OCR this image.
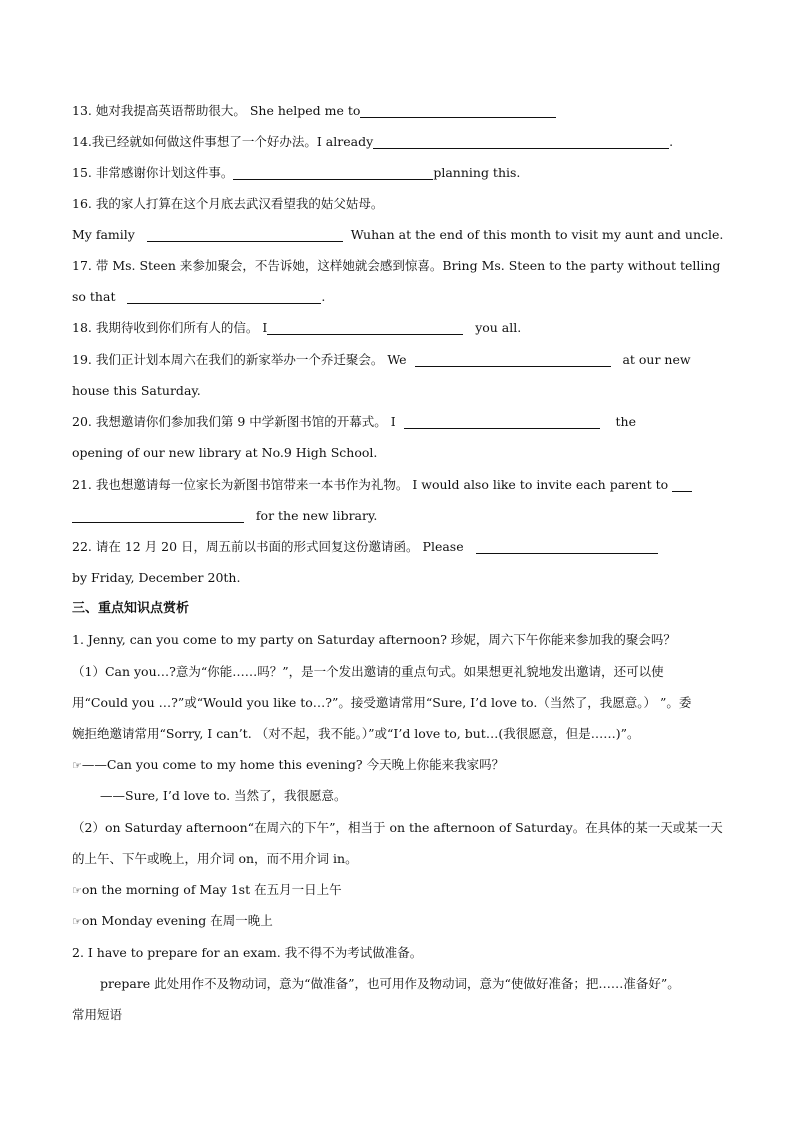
13. 她对我提高英语帮助很大。 She helped me to
14.我已经就如何做这件事想了一个好办法。I already	.
15. 非常感谢你计划这件事。	planning this.
16. 我的家人打算在这个月底去武汉看望我的姑父姑母。
My family	Wuhan at the end of this month to visit my aunt and uncle.
17. 带 Ms. Steen 来参加聚会，不告诉她，这样她就会感到惊喜。Bring Ms. Steen to the party without telling
so that	.
18. 我期待收到你们所有人的信。 I	you all.
19. 我们正计划本周六在我们的新家举办一个乔迁聚会。 We	at our new
house this Saturday.
20. 我想邀请你们参加我们第 9 中学新图书馆的开幕式。 I	the
opening of our new library at No.9 High School.
21. 我也想邀请每一位家长为新图书馆带来一本书作为礼物。 I would also like to invite each parent to
for the new library.
22. 请在 12 月 20 日，周五前以书面的形式回复这份邀请函。 Please
by Friday, December 20th.
三、重点知识点赏析
1. Jenny, can you come to my party on Saturday afternoon? 珍妮，周六下午你能来参加我的聚会吗？
（1）Can you…?意为“你能……吗？”，是一个发出邀请的重点句式。如果想更礼貌地发出邀请，还可以使
用“Could you …?”或“Would you like to…?”。接受邀请常用“Sure, I’d love to.（当然了，我愿意。） ”。委
婉拒绝邀请常用“Sorry, I can’t. （对不起，我不能。）”或“I’d love to, but…(我很愿意，但是……)”。
☞——Can you come to my home this evening? 今天晚上你能来我家吗？
——Sure, I’d love to. 当然了，我很愿意。
（2）on Saturday afternoon“在周六的下午”，相当于 on the afternoon of Saturday。在具体的某一天或某一天
的上午、下午或晚上，用介词 on，而不用介词 in。
☞on the morning of May 1st 在五月一日上午
☞on Monday evening 在周一晚上
2. I have to prepare for an exam. 我不得不为考试做准备。
prepare 此处用作不及物动词，意为“做准备”，也可用作及物动词，意为“使做好准备；把……准备好”。
常用短语
